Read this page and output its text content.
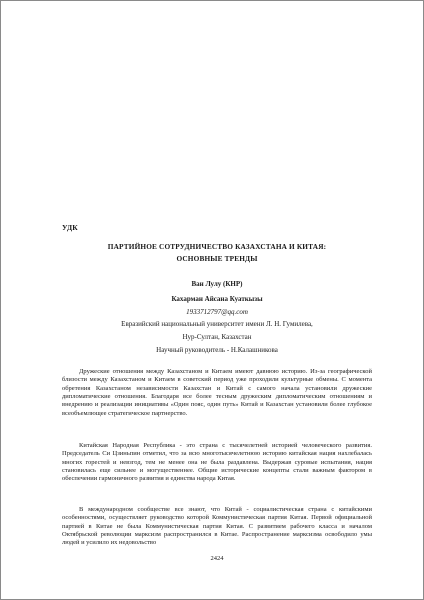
УДК
ПАРТИЙНОЕ СОТРУДНИЧЕСТВО КАЗАХСТАНА И КИТАЯ:
ОСНОВНЫЕ ТРЕНДЫ
Ван Лулу (КНР)
Кахарман Айсана Куаткызы
1933712797@qq.com
Евразийский национальный университет имени Л. Н. Гумилева,
Нур-Султан, Казахстан
Научный руководитель - Н.Калашникова

Дружеские отношения между Казахстаном и Китаем имеют давнюю историю. Из-за географической близости между Казахстаном и Китаем в советский период уже проходили культурные обмены. С момента обретения Казахстаном независимости Казахстан и Китай с самого начала установили дружеские дипломатические отношения. Благодаря все более тесным дружеским дипломатическим отношениям и внедрению и реализации инициативы «Один пояс, один путь» Китай и Казахстан установили более глубокое всеобъемлющее стратегическое партнерство.

Китайская Народная Республика - это страна с тысячелетней историей человеческого развития. Председатель Си Цзиньпин отметил, что за всю многотысячелетнюю историю китайская нация нахлебалась многих горестей и невзгод, тем не менее она не была раздавлена. Выдержав суровые испытания, нация становилась еще сильнее и могущественнее. Общие исторические концепты стали важным фактором в обеспечении гармоничного развития и единства народа Китая.

В международном сообществе все знают, что Китай - социалистическая страна с китайскими особенностями, осуществляет руководство которой Коммунистическая партия Китая. Первой официальной партией в Китае не была Коммунистическая партия Китая. С развитием рабочего класса и началом Октябрьской революции марксизм распространился в Китае. Распространение марксизма освободило умы людей и усилило их недовольство

2424
